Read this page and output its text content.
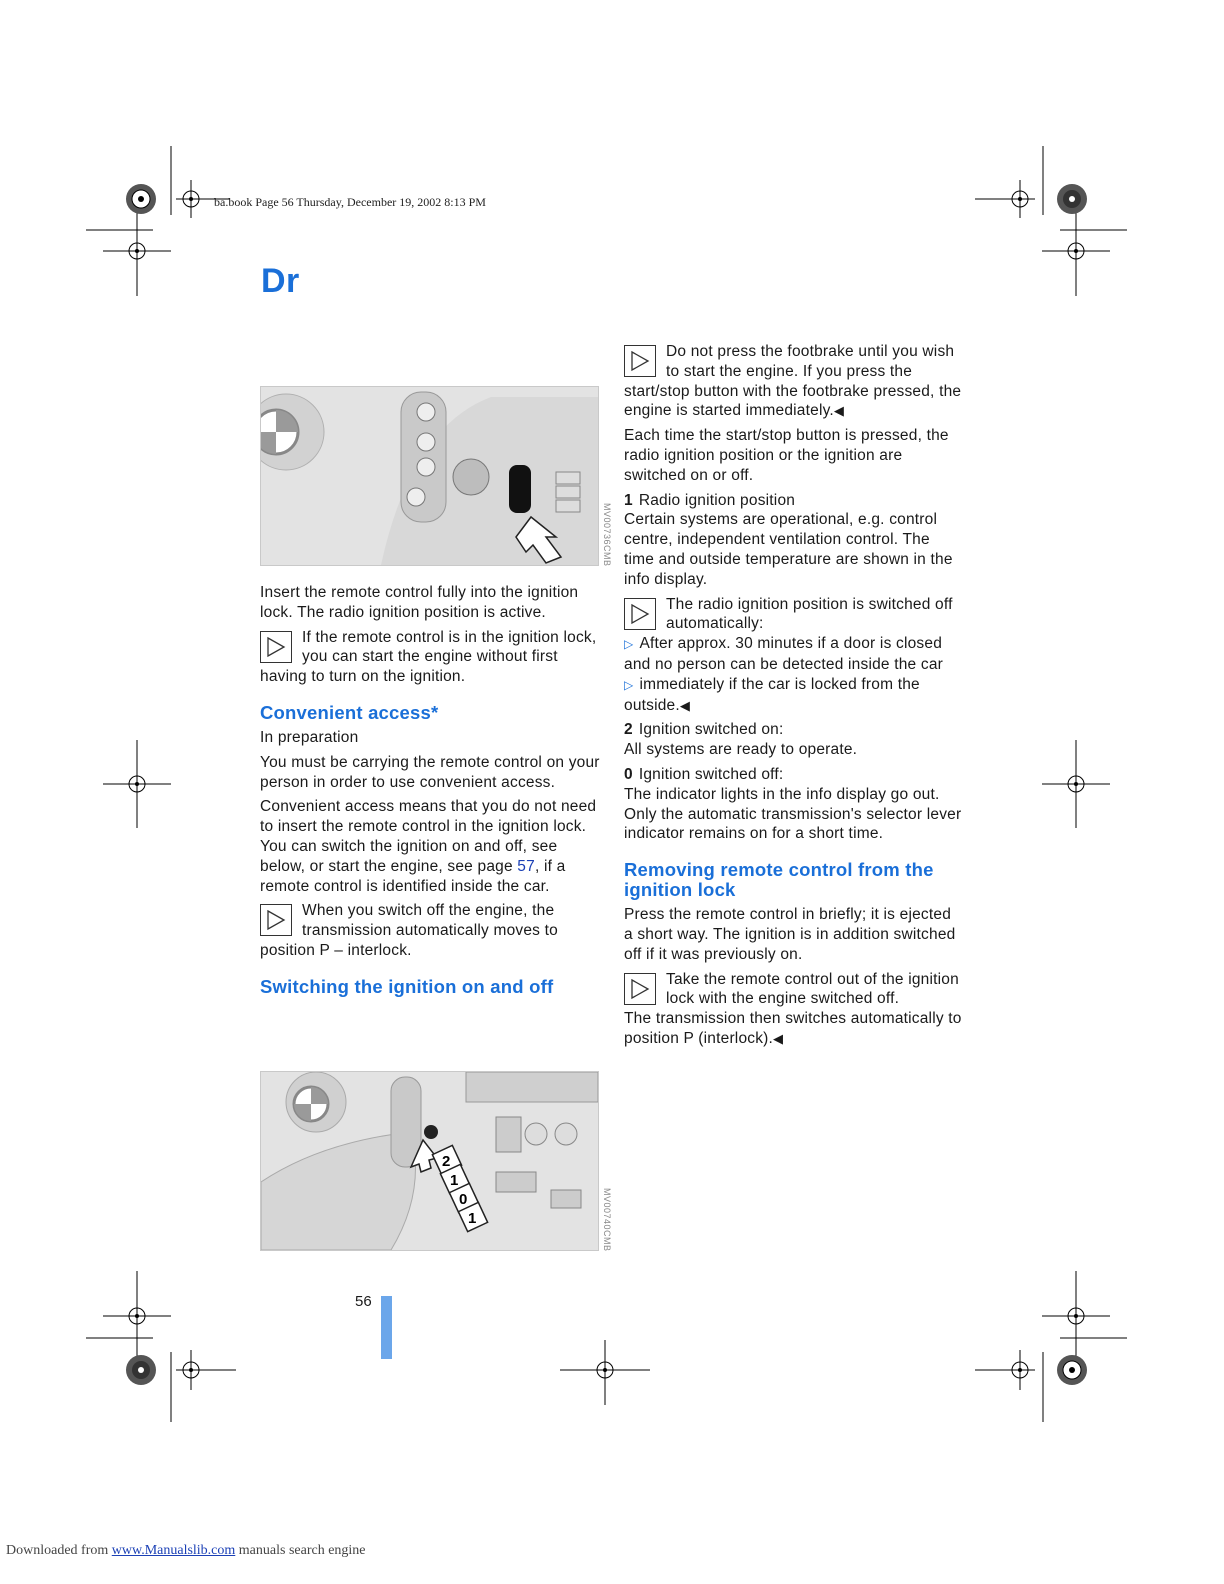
ba.book Page 56 Thursday, December 19, 2002 8:13 PM
Dr
MV00736CMB

Insert the remote control fully into the ignition lock. The radio ignition position is active.

If the remote control is in the ignition lock, you can start the engine without first having to turn on the ignition.
Convenient access*

In preparation

You must be carrying the remote control on your person in order to use convenient access.

Convenient access means that you do not need to insert the remote control in the ignition lock. You can switch the ignition on and off, see below, or start the engine, see page 57, if a remote control is identified inside the car.

When you switch off the engine, the transmission automatically moves to position P – interlock.
Switching the ignition on and off
2
1
0
1	MV00740CMB
Do not press the footbrake until you wish to start the engine. If you press the start/stop button with the footbrake pressed, the engine is started immediately.◀

Each time the start/stop button is pressed, the radio ignition position or the ignition are switched on or off.

1 Radio ignition position
Certain systems are operational, e.g. control centre, independent ventilation control. The time and outside temperature are shown in the info display.

The radio ignition position is switched off automatically:
▷ After approx. 30 minutes if a door is closed and no person can be detected inside the car
▷ immediately if the car is locked from the outside.◀

2 Ignition switched on:
All systems are ready to operate.

0 Ignition switched off:
The indicator lights in the info display go out. Only the automatic transmission's selector lever indicator remains on for a short time.

Removing remote control from the ignition lock

Press the remote control in briefly; it is ejected a short way. The ignition is in addition switched off if it was previously on.

Take the remote control out of the ignition lock with the engine switched off.

The transmission then switches automatically to position P (interlock).◀

56
Downloaded from www.Manualslib.com manuals search engine
